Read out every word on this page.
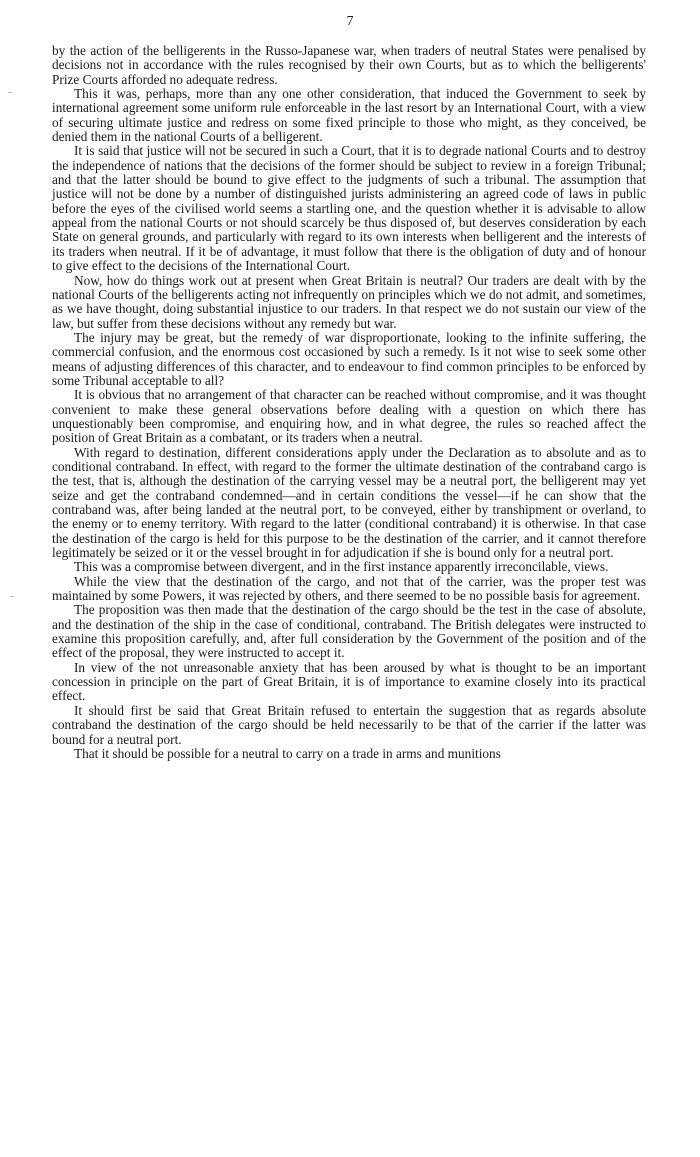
7
-
-

by the action of the belligerents in the Russo-Japanese war, when traders of neutral States were penalised by decisions not in accordance with the rules recognised by their own Courts, but as to which the belligerents' Prize Courts afforded no adequate redress.

This it was, perhaps, more than any one other consideration, that induced the Government to seek by international agreement some uniform rule enforceable in the last resort by an International Court, with a view of securing ultimate justice and redress on some fixed principle to those who might, as they conceived, be denied them in the national Courts of a belligerent.

It is said that justice will not be secured in such a Court, that it is to degrade national Courts and to destroy the independence of nations that the decisions of the former should be subject to review in a foreign Tribunal; and that the latter should be bound to give effect to the judgments of such a tribunal. The assumption that justice will not be done by a number of distinguished jurists administering an agreed code of laws in public before the eyes of the civilised world seems a startling one, and the question whether it is advisable to allow appeal from the national Courts or not should scarcely be thus disposed of, but deserves consideration by each State on general grounds, and particularly with regard to its own interests when belligerent and the interests of its traders when neutral. If it be of advantage, it must follow that there is the obligation of duty and of honour to give effect to the decisions of the International Court.

Now, how do things work out at present when Great Britain is neutral? Our traders are dealt with by the national Courts of the belligerents acting not infrequently on principles which we do not admit, and sometimes, as we have thought, doing substantial injustice to our traders. In that respect we do not sustain our view of the law, but suffer from these decisions without any remedy but war.

The injury may be great, but the remedy of war disproportionate, looking to the infinite suffering, the commercial confusion, and the enormous cost occasioned by such a remedy. Is it not wise to seek some other means of adjusting differences of this character, and to endeavour to find common principles to be enforced by some Tribunal acceptable to all?

It is obvious that no arrangement of that character can be reached without compromise, and it was thought convenient to make these general observations before dealing with a question on which there has unquestionably been compromise, and enquiring how, and in what degree, the rules so reached affect the position of Great Britain as a combatant, or its traders when a neutral.

With regard to destination, different considerations apply under the Declaration as to absolute and as to conditional contraband. In effect, with regard to the former the ultimate destination of the contraband cargo is the test, that is, although the destination of the carrying vessel may be a neutral port, the belligerent may yet seize and get the contraband condemned—and in certain conditions the vessel—if he can show that the contraband was, after being landed at the neutral port, to be conveyed, either by transhipment or overland, to the enemy or to enemy territory. With regard to the latter (conditional contraband) it is otherwise. In that case the destination of the cargo is held for this purpose to be the destination of the carrier, and it cannot therefore legitimately be seized or it or the vessel brought in for adjudication if she is bound only for a neutral port.

This was a compromise between divergent, and in the first instance apparently irreconcilable, views.

While the view that the destination of the cargo, and not that of the carrier, was the proper test was maintained by some Powers, it was rejected by others, and there seemed to be no possible basis for agreement.

The proposition was then made that the destination of the cargo should be the test in the case of absolute, and the destination of the ship in the case of conditional, contraband. The British delegates were instructed to examine this proposition carefully, and, after full consideration by the Government of the position and of the effect of the proposal, they were instructed to accept it.

In view of the not unreasonable anxiety that has been aroused by what is thought to be an important concession in principle on the part of Great Britain, it is of importance to examine closely into its practical effect.

It should first be said that Great Britain refused to entertain the suggestion that as regards absolute contraband the destination of the cargo should be held necessarily to be that of the carrier if the latter was bound for a neutral port.

That it should be possible for a neutral to carry on a trade in arms and munitions
